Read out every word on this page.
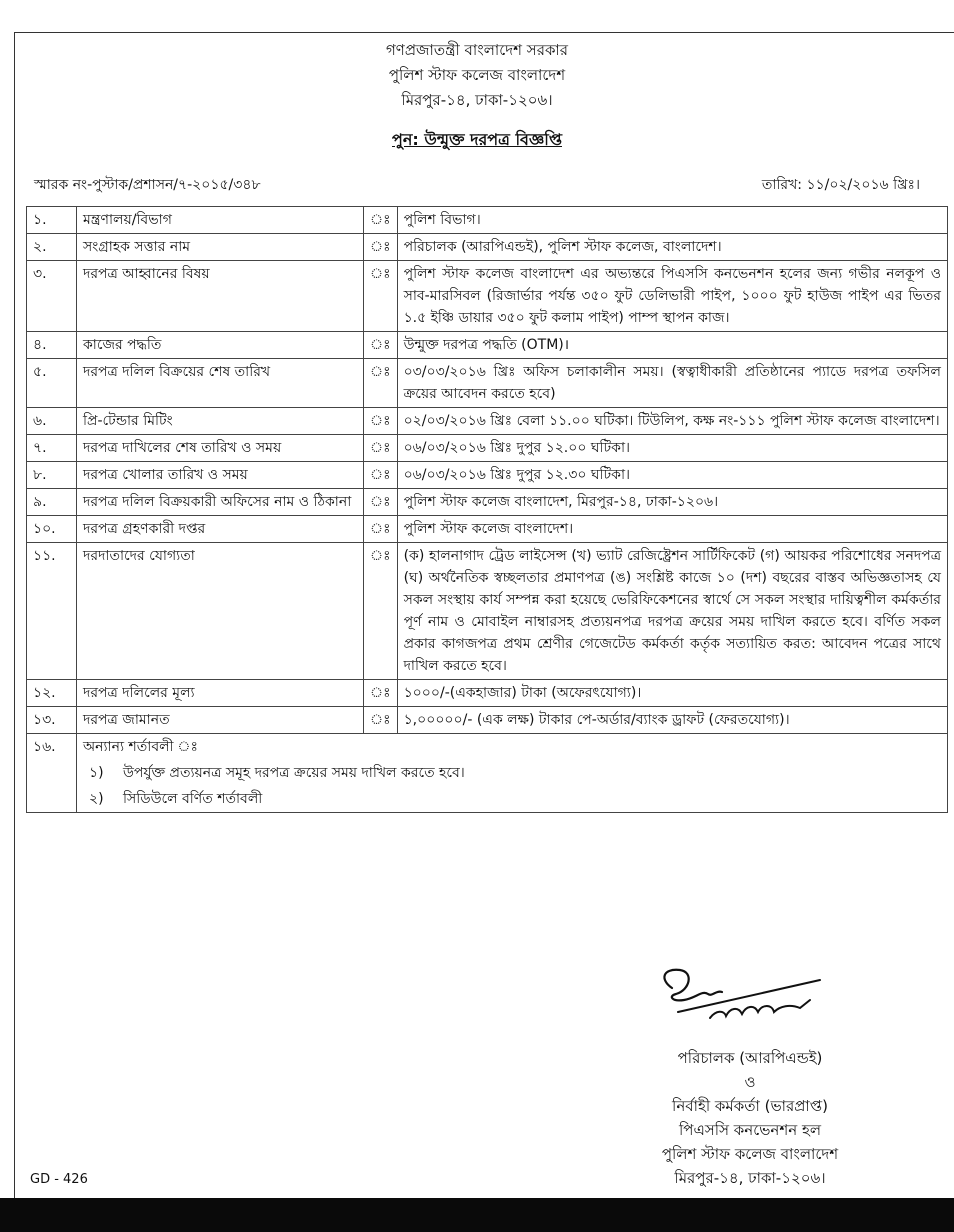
গণপ্রজাতন্ত্রী বাংলাদেশ সরকার
পুলিশ স্টাফ কলেজ বাংলাদেশ
মিরপুর-১৪, ঢাকা-১২০৬।
পুন: উন্মুক্ত দরপত্র বিজ্ঞপ্তি
স্মারক নং-পুস্টাক/প্রশাসন/৭-২০১৫/৩৪৮	তারিখ: ১১/০২/২০১৬ খ্রিঃ।
১.	মন্ত্রণালয়/বিভাগ	ঃ	পুলিশ বিভাগ।
২.	সংগ্রাহক সত্তার নাম	ঃ	পরিচালক (আরপিএন্ডই), পুলিশ স্টাফ কলেজ, বাংলাদেশ।
৩.	দরপত্র আহ্বানের বিষয়	ঃ	পুলিশ স্টাফ কলেজ বাংলাদেশ এর অভ্যন্তরে পিএসসি কনভেনশন হলের জন্য গভীর নলকূপ ও সাব-মারসিবল (রিজার্ভার পর্যন্ত ৩৫০ ফুট ডেলিভারী পাইপ, ১০০০ ফুট হাউজ পাইপ এর ভিতর ১.৫ ইঞ্চি ডায়ার ৩৫০ ফুট কলাম পাইপ) পাম্প স্থাপন কাজ।
৪.	কাজের পদ্ধতি	ঃ	উন্মুক্ত দরপত্র পদ্ধতি (OTM)।
৫.	দরপত্র দলিল বিক্রয়ের শেষ তারিখ	ঃ	০৩/০৩/২০১৬ খ্রিঃ অফিস চলাকালীন সময়। (স্বত্বাধীকারী প্রতিষ্ঠানের প্যাডে দরপত্র তফসিল ক্রয়ের আবেদন করতে হবে)
৬.	প্রি-টেন্ডার মিটিং	ঃ	০২/০৩/২০১৬ খ্রিঃ বেলা ১১.০০ ঘটিকা। টিউলিপ, কক্ষ নং-১১১ পুলিশ স্টাফ কলেজ বাংলাদেশ।
৭.	দরপত্র দাখিলের শেষ তারিখ ও সময়	ঃ	০৬/০৩/২০১৬ খ্রিঃ দুপুর ১২.০০ ঘটিকা।
৮.	দরপত্র খোলার তারিখ ও সময়	ঃ	০৬/০৩/২০১৬ খ্রিঃ দুপুর ১২.৩০ ঘটিকা।
৯.	দরপত্র দলিল বিক্রয়কারী অফিসের নাম ও ঠিকানা	ঃ	পুলিশ স্টাফ কলেজ বাংলাদেশ, মিরপুর-১৪, ঢাকা-১২০৬।
১০.	দরপত্র গ্রহণকারী দপ্তর	ঃ	পুলিশ স্টাফ কলেজ বাংলাদেশ।
১১.	দরদাতাদের যোগ্যতা	ঃ	(ক) হালনাগাদ ট্রেড লাইসেন্স (খ) ভ্যাট রেজিষ্ট্রেশন সার্টিফিকেট (গ) আয়কর পরিশোধের সনদপত্র (ঘ) অর্থনৈতিক স্বচ্ছলতার প্রমাণপত্র (ঙ) সংশ্লিষ্ট কাজে ১০ (দশ) বছরের বাস্তব অভিজ্ঞতাসহ যে সকল সংস্থায় কার্য সম্পন্ন করা হয়েছে ভেরিফিকেশনের স্বার্থে সে সকল সংস্থার দায়িত্বশীল কর্মকর্তার পূর্ণ নাম ও মোবাইল নাম্বারসহ প্রত্যয়নপত্র দরপত্র ক্রয়ের সময় দাখিল করতে হবে। বর্ণিত সকল প্রকার কাগজপত্র প্রথম শ্রেণীর গেজেটেড কর্মকর্তা কর্তৃক সত্যায়িত করত: আবেদন পত্রের সাথে দাখিল করতে হবে।
১২.	দরপত্র দলিলের মূল্য	ঃ	১০০০/-(একহাজার) টাকা (অফেরৎযোগ্য)।
১৩.	দরপত্র জামানত	ঃ	১,০০০০০/- (এক লক্ষ) টাকার পে-অর্ডার/ব্যাংক ড্রাফট (ফেরতযোগ্য)।
১৬.	অন্যান্য শর্তাবলী ঃ
১) উপর্যুক্ত প্রত্যয়নত্র সমূহ দরপত্র ক্রয়ের সময় দাখিল করতে হবে।
২) সিডিউলে বর্ণিত শর্তাবলী		
পরিচালক (আরপিএন্ডই)
ও
নির্বাহী কর্মকর্তা (ভারপ্রাপ্ত)
পিএসসি কনভেনশন হল
পুলিশ স্টাফ কলেজ বাংলাদেশ
মিরপুর-১৪, ঢাকা-১২০৬।
GD - 426
